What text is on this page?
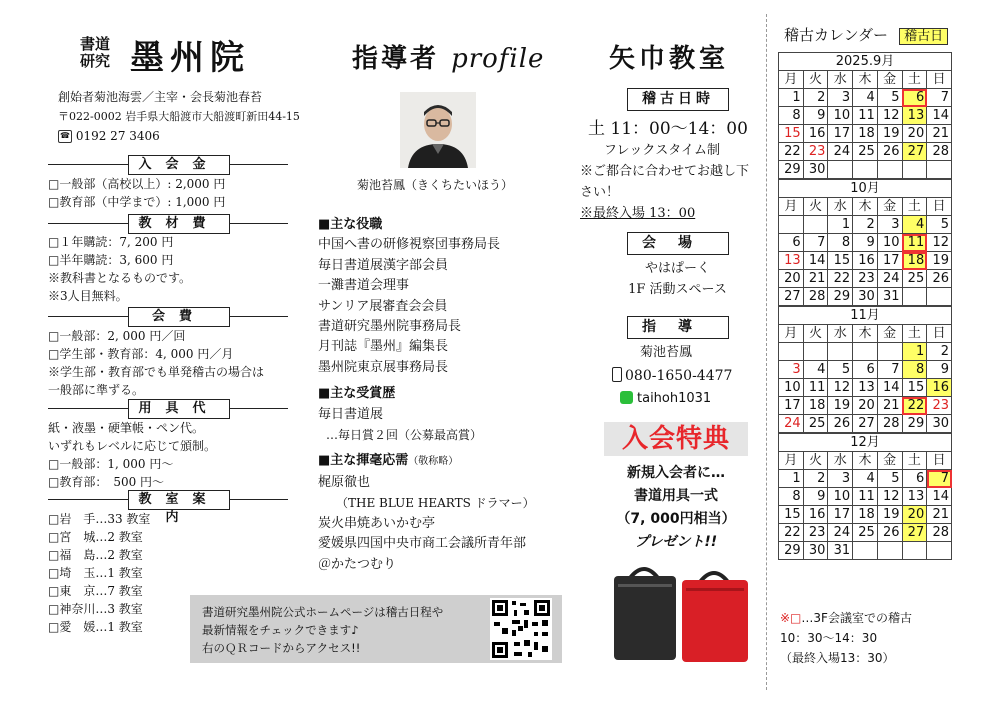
書道
研究 墨州院
創始者菊池海雲／主宰・会長菊池春苔
〒022-0002 岩手県大船渡市大船渡町新田44-15
☎ 0192 27 3406
入会金
□一般部（高校以上）: 2,000 円
□教育部（中学まで）: 1,000 円
教材費
□１年購読：7, 200 円
□半年購読：3, 600 円
※教科書となるものです。
※3人目無料。
会費
□一般部：2, 000 円／回
□学生部・教育部：4, 000 円／月
※学生部・教育部でも単発稽古の場合は
一般部に準ずる。
用具代
紙・液墨・硬筆帳・ペン代。
いずれもレベルに応じて頒制。
□一般部：1, 000 円～
□教育部：　500 円～
教室案内
□岩　手…33 教室
□宮　城…2 教室
□福　島…2 教室
□埼　玉…1 教室
□東　京…7 教室
□神奈川…3 教室
□愛　媛…1 教室
指導者 profile
菊池苔鳳（きくちたいほう）
■主な役職
中国へ書の研修視察団事務局長
毎日書道展漢字部会員
一灘書道会理事
サンリア展審査会会員
書道研究墨州院事務局長
月刊誌『墨州』編集長
墨州院東京展事務局長
■主な受賞歴
毎日書道展
…毎日賞２回（公募最高賞）
■主な揮毫応需（敬称略）
梶原徹也
（THE BLUE HEARTS ドラマー）
炭火串焼あいかむ亭
愛媛県四国中央市商工会議所青年部
＠かたつむり
書道研究墨州院公式ホームページは稽古日程や
最新情報をチェックできます♪
右のＱＲコードからアクセス!!
矢巾教室
稽古日時
土 11：00～14：00
フレックスタイム制
※ご都合に合わせてお越し下
さい！
※最終入場 13：00
会場
やはぱーく
1F 活動スペース
指導
菊池苔鳳
080-1650-4477
taihoh1031
入会特典
新規入会者に…
書道用具一式
（7, 000円相当）
プレゼント!!
稽古カレンダー 稽古日
2025.9月						
月	火	水	木	金	土	日
1	2	3	4	5	6	7
8	9	10	11	12	13	14
15	16	17	18	19	20	21
22	23	24	25	26	27	28
29	30					
10月						
月	火	水	木	金	土	日
		1	2	3	4	5
6	7	8	9	10	11	12
13	14	15	16	17	18	19
20	21	22	23	24	25	26
27	28	29	30	31		
11月						
月	火	水	木	金	土	日
					1	2
3	4	5	6	7	8	9
10	11	12	13	14	15	16
17	18	19	20	21	22	23
24	25	26	27	28	29	30
12月						
月	火	水	木	金	土	日
1	2	3	4	5	6	7
8	9	10	11	12	13	14
15	16	17	18	19	20	21
22	23	24	25	26	27	28
29	30	31				
※□…3F会議室での稽古
10：30～14：30
（最終入場13：30）
